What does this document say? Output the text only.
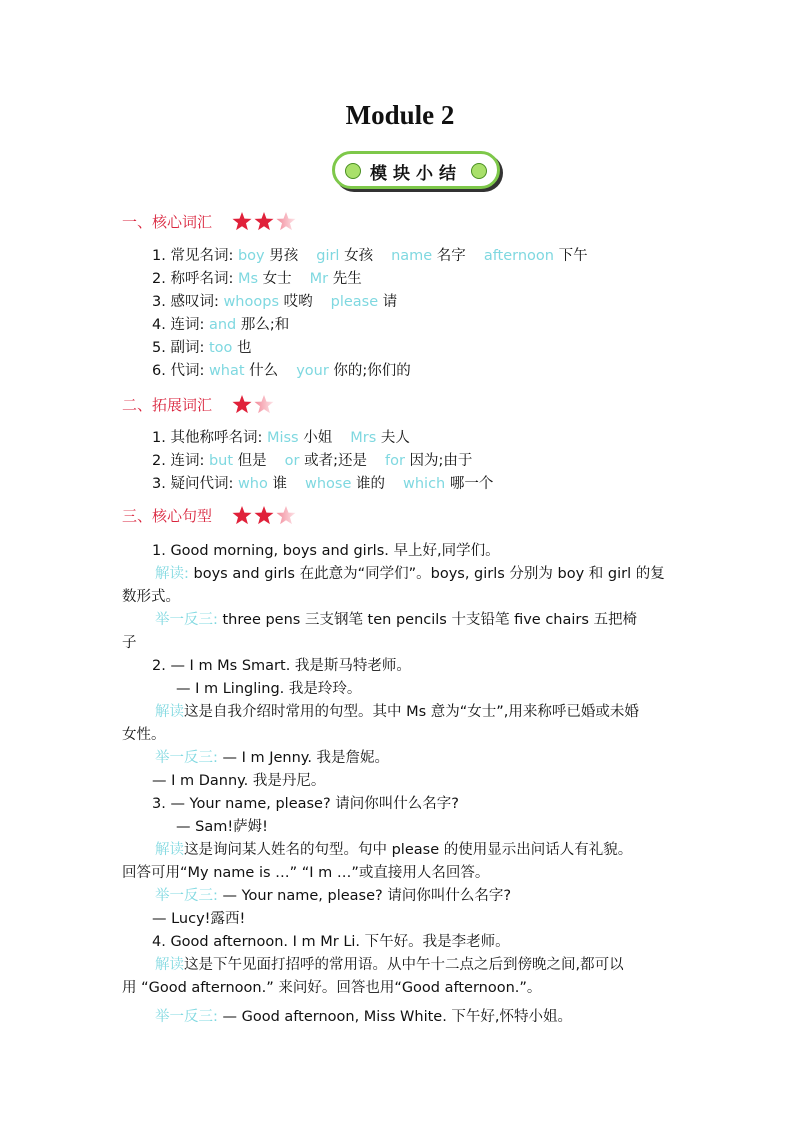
Module 2
模块小结
一、核心词汇
1. 常见名词: boy 男孩 girl 女孩 name 名字 afternoon 下午
2. 称呼名词: Ms 女士 Mr 先生
3. 感叹词: whoops 哎哟 please 请
4. 连词: and 那么;和
5. 副词: too 也
6. 代词: what 什么 your 你的;你们的
二、拓展词汇
1. 其他称呼名词: Miss 小姐 Mrs 夫人
2. 连词: but 但是 or 或者;还是 for 因为;由于
3. 疑问代词: who 谁 whose 谁的 which 哪一个
三、核心句型
1. Good morning, boys and girls. 早上好,同学们。
解读: boys and girls 在此意为“同学们”。boys, girls 分别为 boy 和 girl 的复
数形式。
举一反三: three pens 三支钢笔 ten pencils 十支铅笔 five chairs 五把椅
子
2. — I m Ms Smart. 我是斯马特老师。
— I m Lingling. 我是玲玲。
解读这是自我介绍时常用的句型。其中 Ms 意为“女士”,用来称呼已婚或未婚
女性。
举一反三: — I m Jenny. 我是詹妮。
— I m Danny. 我是丹尼。
3. — Your name, please? 请问你叫什么名字?
— Sam!萨姆!
解读这是询问某人姓名的句型。句中 please 的使用显示出问话人有礼貌。
回答可用“My name is …” “I m …”或直接用人名回答。
举一反三: — Your name, please? 请问你叫什么名字?
— Lucy!露西!
4. Good afternoon. I m Mr Li. 下午好。我是李老师。
解读这是下午见面打招呼的常用语。从中午十二点之后到傍晚之间,都可以
用 “Good afternoon.” 来问好。回答也用“Good afternoon.”。
举一反三: — Good afternoon, Miss White. 下午好,怀特小姐。
